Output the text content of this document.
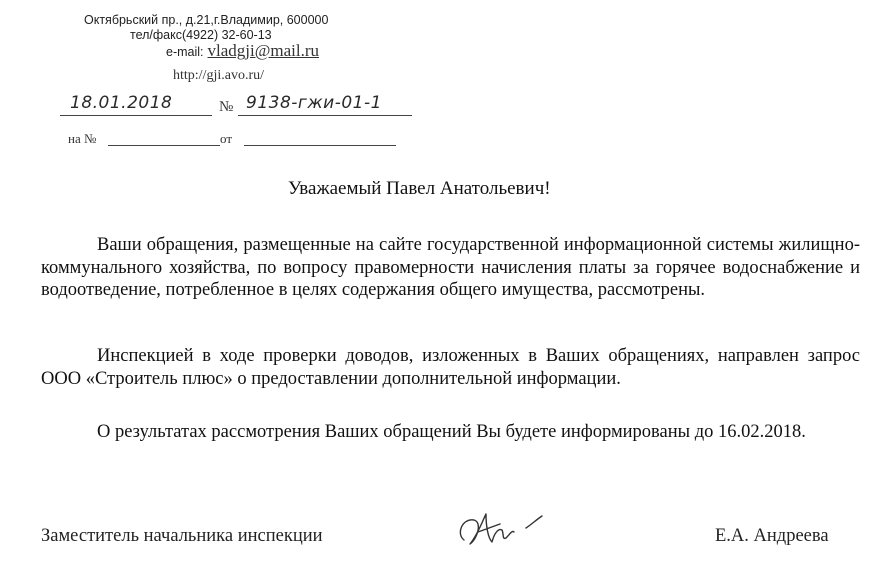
Октябрьский пр., д.21,г.Владимир, 600000
тел/факс(4922) 32-60-13
e-mail: vladgji@mail.ru
http://gji.avo.ru/
18.01.2018	№ 9138-гжи-01-1
на №	от
Уважаемый Павел Анатольевич!

Ваши обращения, размещенные на сайте государственной информационной системы жилищно-коммунального хозяйства, по вопросу правомерности начисления платы за горячее водоснабжение и водоотведение, потребленное в целях содержания общего имущества, рассмотрены.

Инспекцией в ходе проверки доводов, изложенных в Ваших обращениях, направлен запрос ООО «Строитель плюс» о предоставлении дополнительной информации.

О результатах рассмотрения Ваших обращений Вы будете информированы до 16.02.2018.

Заместитель начальника инспекции	Е.А. Андреева
